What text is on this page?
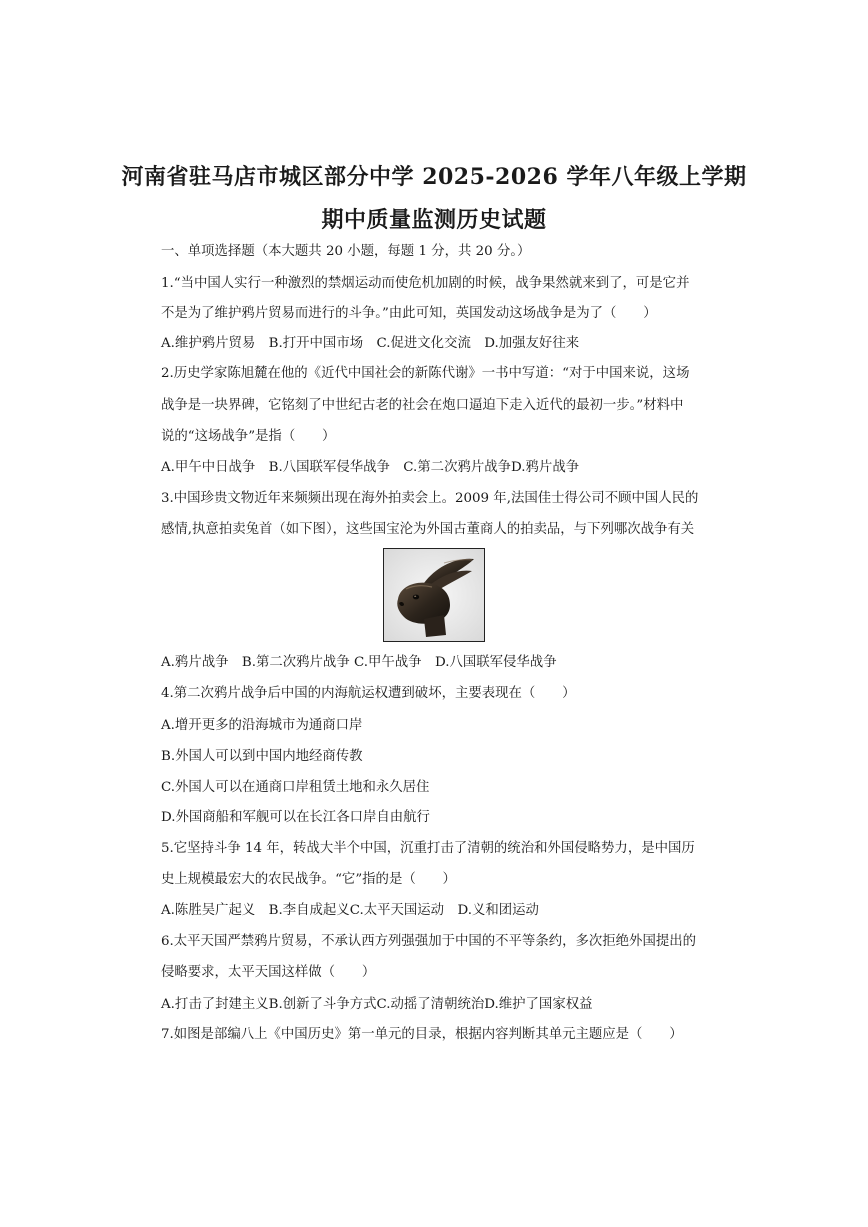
河南省驻马店市城区部分中学 2025-2026 学年八年级上学期
期中质量监测历史试题
一、单项选择题（本大题共 20 小题，每题 1 分，共 20 分。）
1.“当中国人实行一种激烈的禁烟运动而使危机加剧的时候，战争果然就来到了，可是它并
不是为了维护鸦片贸易而进行的斗争。”由此可知，英国发动这场战争是为了（　　）
A.维护鸦片贸易　B.打开中国市场　C.促进文化交流　D.加强友好往来
2.历史学家陈旭麓在他的《近代中国社会的新陈代谢》一书中写道：“对于中国来说，这场
战争是一块界碑，它铭刻了中世纪古老的社会在炮口逼迫下走入近代的最初一步。”材料中
说的“这场战争”是指（　　）
A.甲午中日战争　B.八国联军侵华战争　C.第二次鸦片战争D.鸦片战争
3.中国珍贵文物近年来频频出现在海外拍卖会上。2009 年,法国佳士得公司不顾中国人民的
感情,执意拍卖兔首（如下图），这些国宝沦为外国古董商人的拍卖品，与下列哪次战争有关
A.鸦片战争　B.第二次鸦片战争 C.甲午战争　D.八国联军侵华战争
4.第二次鸦片战争后中国的内海航运权遭到破坏，主要表现在（　　）
A.增开更多的沿海城市为通商口岸
B.外国人可以到中国内地经商传教
C.外国人可以在通商口岸租赁土地和永久居住
D.外国商船和军舰可以在长江各口岸自由航行
5.它坚持斗争 14 年，转战大半个中国，沉重打击了清朝的统治和外国侵略势力，是中国历
史上规模最宏大的农民战争。“它”指的是（　　）
A.陈胜吴广起义　B.李自成起义C.太平天国运动　D.义和团运动
6.太平天国严禁鸦片贸易，不承认西方列强强加于中国的不平等条约，多次拒绝外国提出的
侵略要求，太平天国这样做（　　）
A.打击了封建主义B.创新了斗争方式C.动摇了清朝统治D.维护了国家权益
7.如图是部编八上《中国历史》第一单元的目录，根据内容判断其单元主题应是（　　）
